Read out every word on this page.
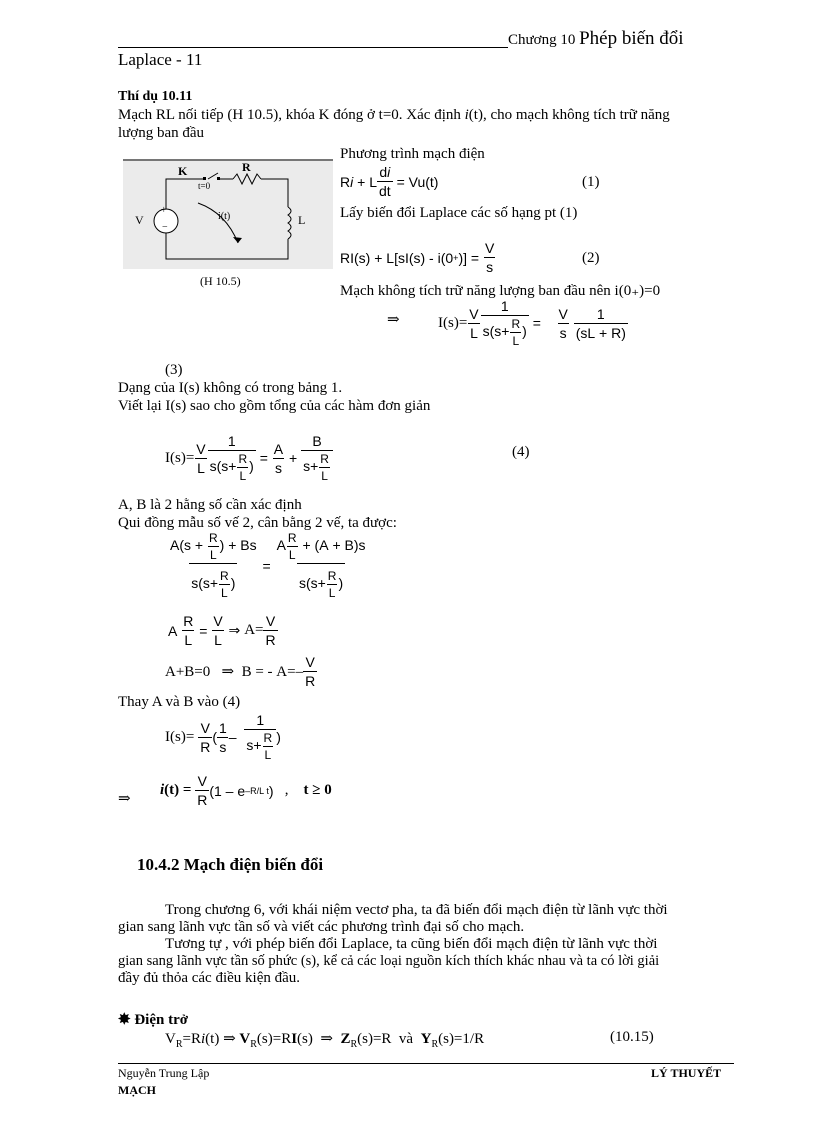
Chương 10 Phép biến đổi
Laplace - 11
Thí dụ 10.11
Mạch RL nối tiếp (H 10.5), khóa K đóng ở t=0. Xác định i(t), cho mạch không tích trữ năng
lượng ban đầu
K	R
t=0
V
+
−
i(t)	L
(H 10.5)
Phương trình mạch điện
R i + L $\frac{di}{dt} = Vu(t)$	(1)
Lấy biến đổi Laplace các số hạng pt (1)
RI(s) + L[sI(s) - i(0 + )] = $\frac{V}{s}$	(2)
Mạch không tích trữ năng lượng ban đầu nên i(0₊)=0
⇒	$I(s)= \frac{V}{L} \frac{1}{s(s+ \frac{R}{L} )} = \frac{V}{s}$
$\frac{1}{(sL + R)}$
(3)
Dạng của I(s) không có trong bảng 1.
Viết lại I(s) sao cho gồm tổng của các hàm đơn giản
$I(s)= \frac{V}{L} \frac{1}{s(s+ \frac{R}{L} )} = \frac{A}{s} + \frac{B}{s+ \frac{R}{L}}$	(4)
A, B là 2 hằng số cần xác định
Qui đồng mẫu số vế 2, cân bằng 2 vế, ta được:
$\frac{A(s + \frac{R}{L} ) + Bs}{s(s+ \frac{R}{L} )} = \frac{A \frac{R}{L} + (A + B)s}{s(s+ \frac{R}{L} )}$
A $\frac{R}{L} = \frac{V}{L}$ ⇒ $A= \frac{V}{R}$
A+B=0   ⇒  B = - $A=- \frac{V}{R}$
Thay A và B vào (4)
I(s)=
$\frac{V}{R}$ ( $\frac{1}{s} - \frac{1}{s+ \frac{R}{L}}$ )
⇒
i(t) =
$\frac{V}{R} (1$ – e –R/L t ) , t ≥ 0
10.4.2 Mạch điện biến đổi
Trong chương 6, với khái niệm vectơ pha, ta đã biến đổi mạch điện từ lãnh vực thời
gian sang lãnh vực tần số và viết các phương trình đại số cho mạch.
Tương tự , với phép biến đổi Laplace, ta cũng biến đổi mạch điện từ lãnh vực thời
gian sang lãnh vực tần số phức (s), kể cả các loại nguồn kích thích khác nhau và ta có lời giải
đầy đủ thỏa các điều kiện đầu.
✸ Điện trở
$V_R=Ri(t)$ ⇒ $V_R(s)=RI(s)$  ⇒  $Z_R(s)=R$  và  $Y_R(s)=1/R$	(10.15)
Nguyễn Trung Lập	LÝ THUYẾT
MẠCH
